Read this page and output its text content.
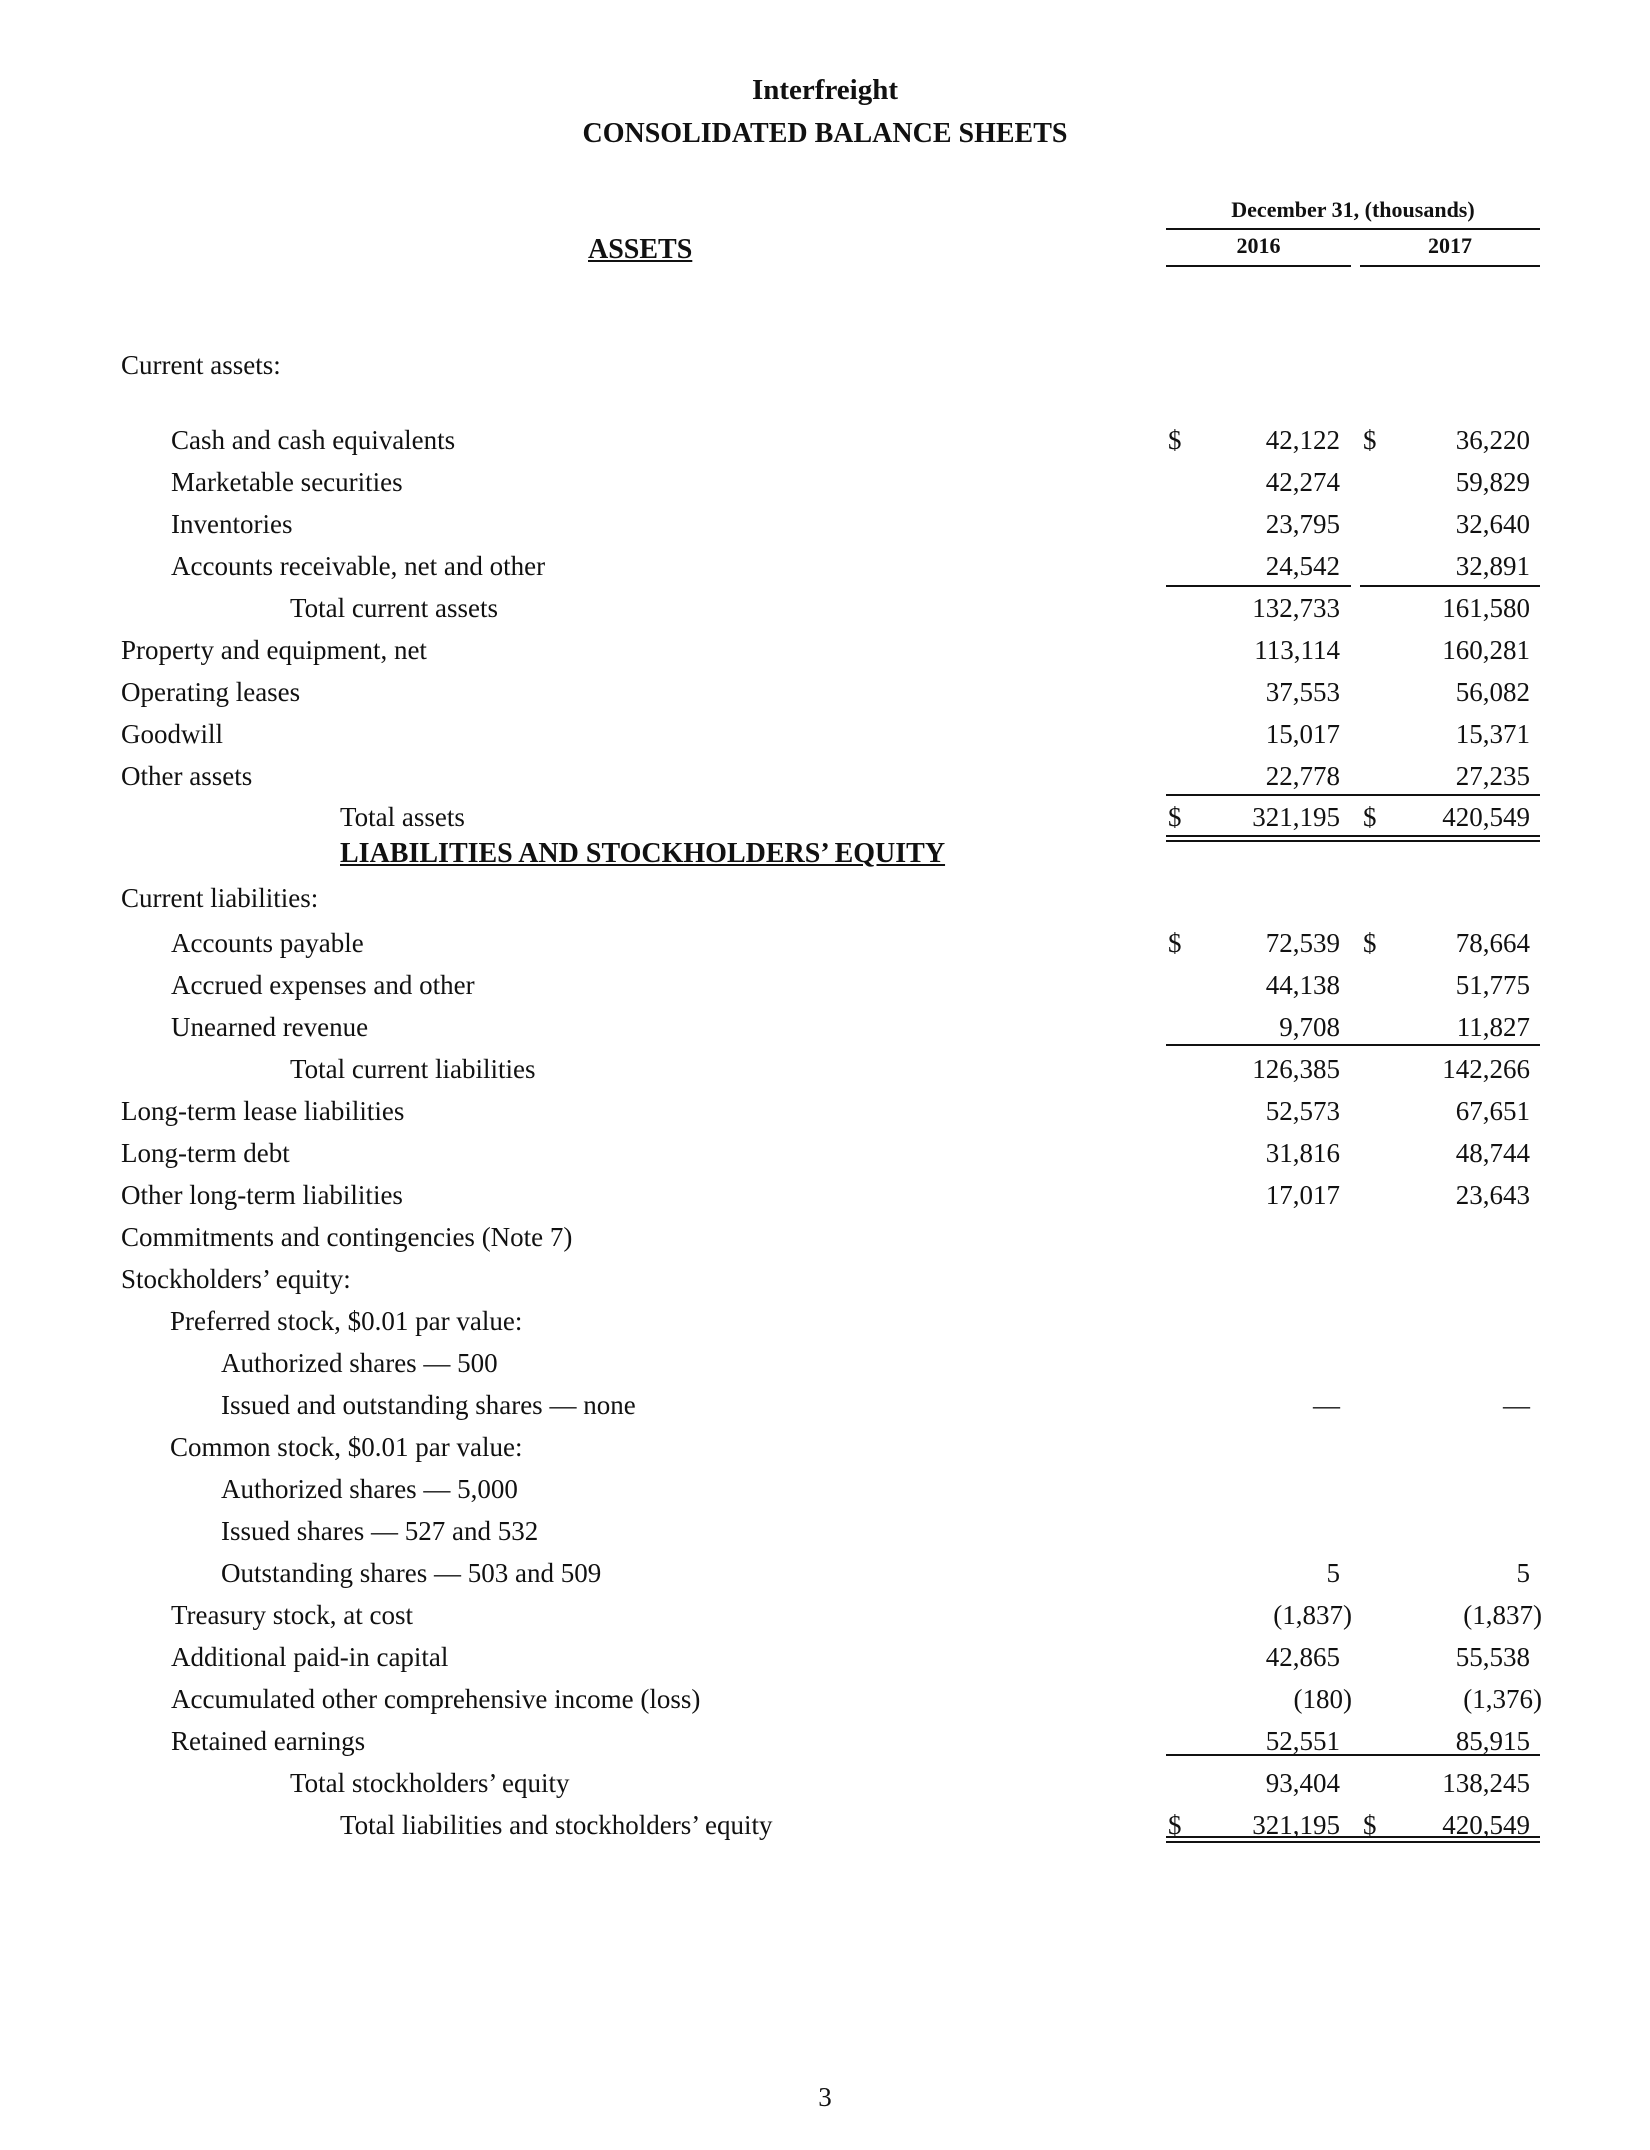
Interfreight
CONSOLIDATED BALANCE SHEETS
December 31, (thousands)
2016	2017
ASSETS
LIABILITIES AND STOCKHOLDERS’ EQUITY
Current assets:
Cash and cash equivalents	$	42,122 $	36,220
Marketable securities	42,274	59,829
Inventories	23,795	32,640
Accounts receivable, net and other	24,542	32,891
Total current assets	132,733	161,580
Property and equipment, net	113,114	160,281
Operating leases	37,553	56,082
Goodwill	15,017	15,371
Other assets	22,778	27,235
Total assets	$	321,195 $	420,549
Current liabilities:
Accounts payable	$	72,539 $	78,664
Accrued expenses and other	44,138	51,775
Unearned revenue	9,708	11,827
Total current liabilities	126,385	142,266
Long-term lease liabilities	52,573	67,651
Long-term debt	31,816	48,744
Other long-term liabilities	17,017	23,643
Commitments and contingencies (Note 7)
Stockholders’ equity:
Preferred stock, $0.01 par value:
Authorized shares — 500
Issued and outstanding shares — none	—	—
Common stock, $0.01 par value:
Authorized shares — 5,000
Issued shares — 527 and 532
Outstanding shares — 503 and 509	5	5
Treasury stock, at cost	(1,837)	(1,837)
Additional paid-in capital	42,865	55,538
Accumulated other comprehensive income (loss)	(180)	(1,376)
Retained earnings	52,551	85,915
Total stockholders’ equity	93,404	138,245
Total liabilities and stockholders’ equity	$	321,195 $	420,549
3
